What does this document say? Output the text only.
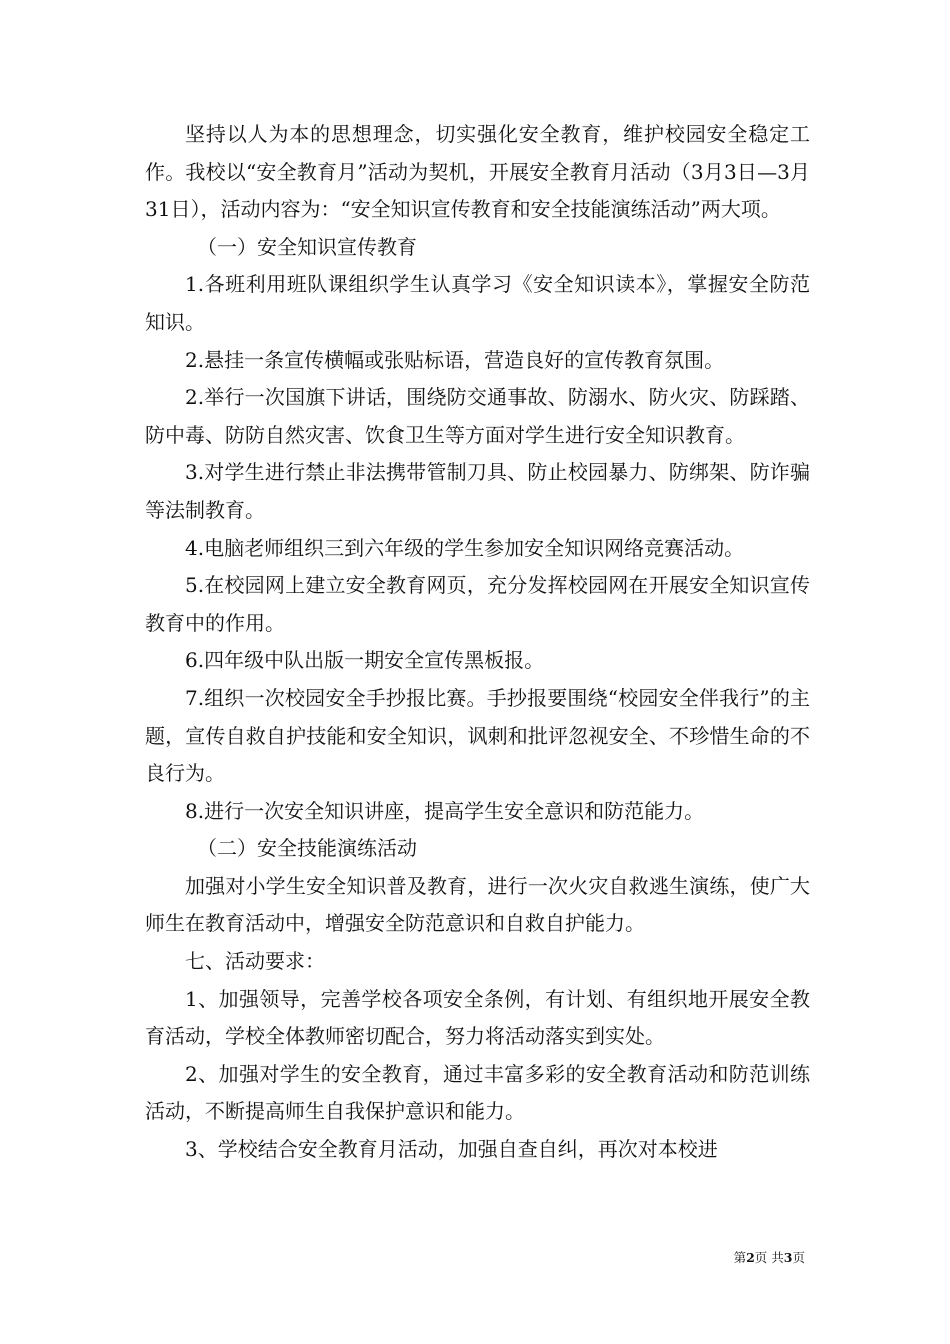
坚持以人为本的思想理念，切实强化安全教育，维护校园安全稳定工作。我校以“安全教育月”活动为契机，开展安全教育月活动（3月3日—3月31日），活动内容为：“安全知识宣传教育和安全技能演练活动”两大项。

（一）安全知识宣传教育

1.各班利用班队课组织学生认真学习《安全知识读本》，掌握安全防范知识。

2.悬挂一条宣传横幅或张贴标语，营造良好的宣传教育氛围。

2.举行一次国旗下讲话，围绕防交通事故、防溺水、防火灾、防踩踏、防中毒、防防自然灾害、饮食卫生等方面对学生进行安全知识教育。

3.对学生进行禁止非法携带管制刀具、防止校园暴力、防绑架、防诈骗等法制教育。

4.电脑老师组织三到六年级的学生参加安全知识网络竞赛活动。

5.在校园网上建立安全教育网页，充分发挥校园网在开展安全知识宣传教育中的作用。

6.四年级中队出版一期安全宣传黑板报。

7.组织一次校园安全手抄报比赛。手抄报要围绕“校园安全伴我行”的主题，宣传自救自护技能和安全知识，讽刺和批评忽视安全、不珍惜生命的不良行为。

8.进行一次安全知识讲座，提高学生安全意识和防范能力。

（二）安全技能演练活动

加强对小学生安全知识普及教育，进行一次火灾自救逃生演练，使广大师生在教育活动中，增强安全防范意识和自救自护能力。

七、活动要求：

1、加强领导，完善学校各项安全条例，有计划、有组织地开展安全教育活动，学校全体教师密切配合，努力将活动落实到实处。

2、加强对学生的安全教育，通过丰富多彩的安全教育活动和防范训练活动，不断提高师生自我保护意识和能力。

3、学校结合安全教育月活动，加强自查自纠，再次对本校进

第2页 共3页
